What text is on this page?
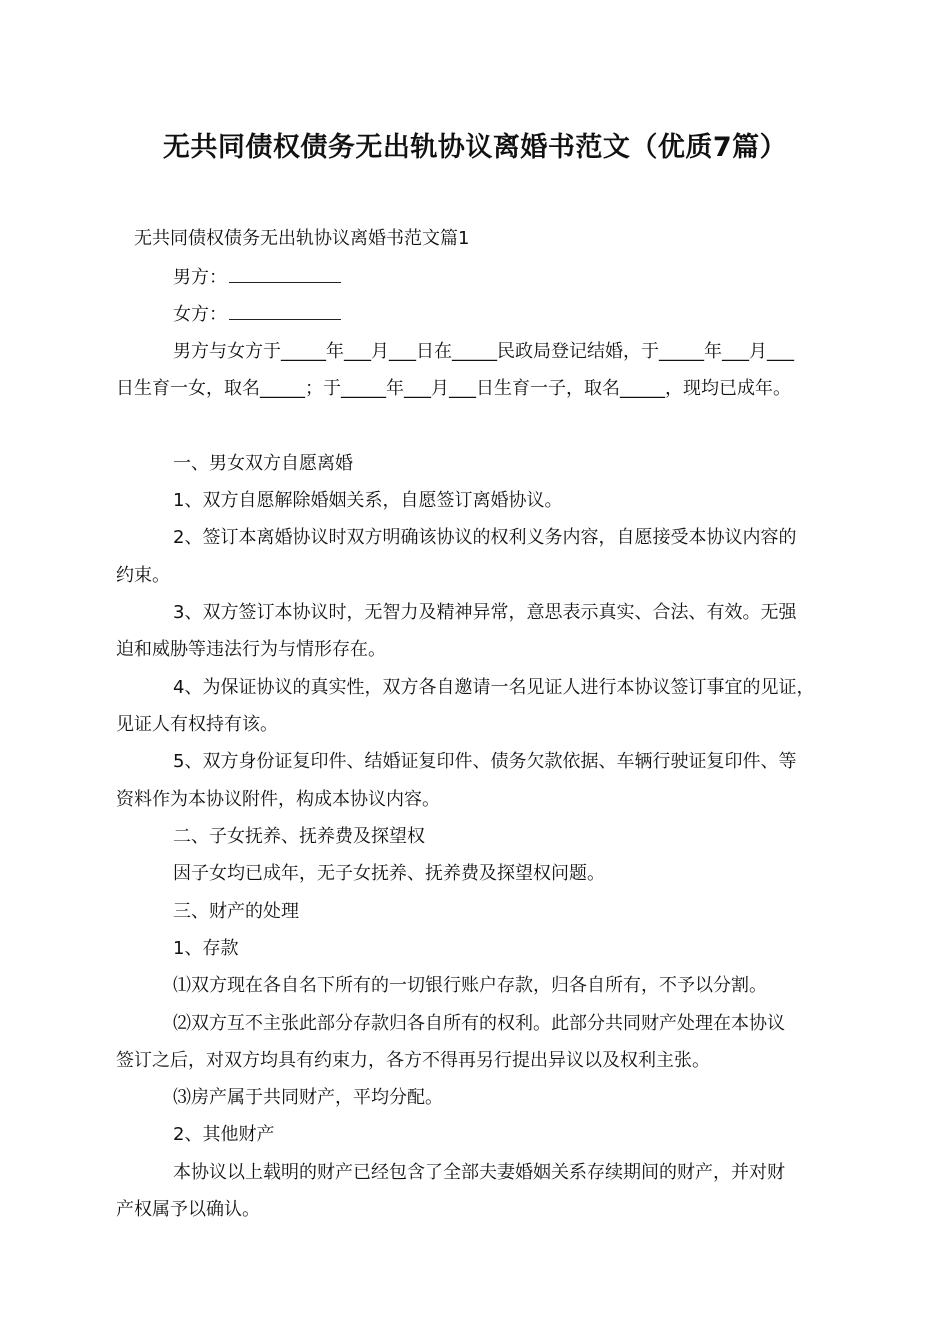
无共同债权债务无出轨协议离婚书范文（优质7篇）

无共同债权债务无出轨协议离婚书范文篇1

男方：

女方：

男方与女方于_____年___月___日在_____民政局登记结婚，于_____年___月___

日生育一女，取名_____；于_____年___月___日生育一子，取名_____，现均已成年。

一、男女双方自愿离婚

1、双方自愿解除婚姻关系，自愿签订离婚协议。

2、签订本离婚协议时双方明确该协议的权利义务内容，自愿接受本协议内容的

约束。

3、双方签订本协议时，无智力及精神异常，意思表示真实、合法、有效。无强

迫和威胁等违法行为与情形存在。

4、为保证协议的真实性，双方各自邀请一名见证人进行本协议签订事宜的见证，

见证人有权持有该。

5、双方身份证复印件、结婚证复印件、债务欠款依据、车辆行驶证复印件、等

资料作为本协议附件，构成本协议内容。

二、子女抚养、抚养费及探望权

因子女均已成年，无子女抚养、抚养费及探望权问题。

三、财产的处理

1、存款

⑴双方现在各自名下所有的一切银行账户存款，归各自所有，不予以分割。

⑵双方互不主张此部分存款归各自所有的权利。此部分共同财产处理在本协议

签订之后，对双方均具有约束力，各方不得再另行提出异议以及权利主张。

⑶房产属于共同财产，平均分配。

2、其他财产

本协议以上载明的财产已经包含了全部夫妻婚姻关系存续期间的财产，并对财

产权属予以确认。
